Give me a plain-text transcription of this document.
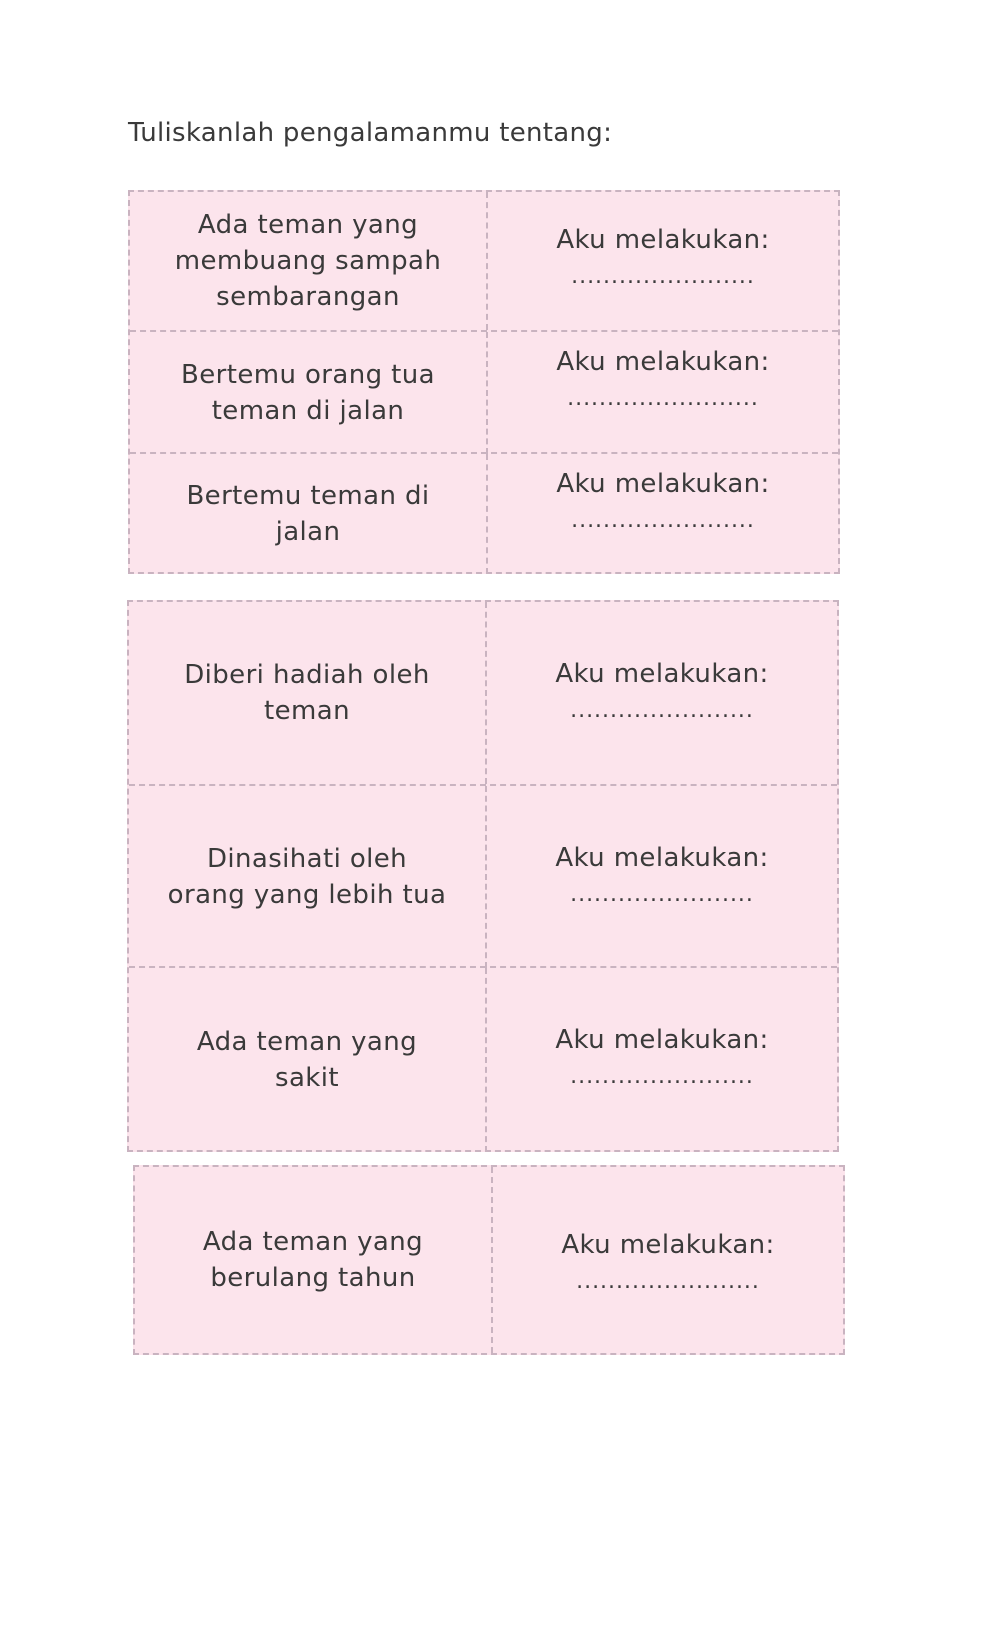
Tuliskanlah pengalamanmu tentang:
Ada teman yang
membuang sampah
sembarangan
Aku melakukan:
.......................
Bertemu orang tua
teman di jalan
Aku melakukan:
........................
Bertemu teman di
jalan
Aku melakukan:
.......................
Diberi hadiah oleh
teman
Aku melakukan:
.......................
Dinasihati oleh
orang yang lebih tua
Aku melakukan:
.......................
Ada teman yang
sakit
Aku melakukan:
.......................
Ada teman yang
berulang tahun
Aku melakukan:
.......................
